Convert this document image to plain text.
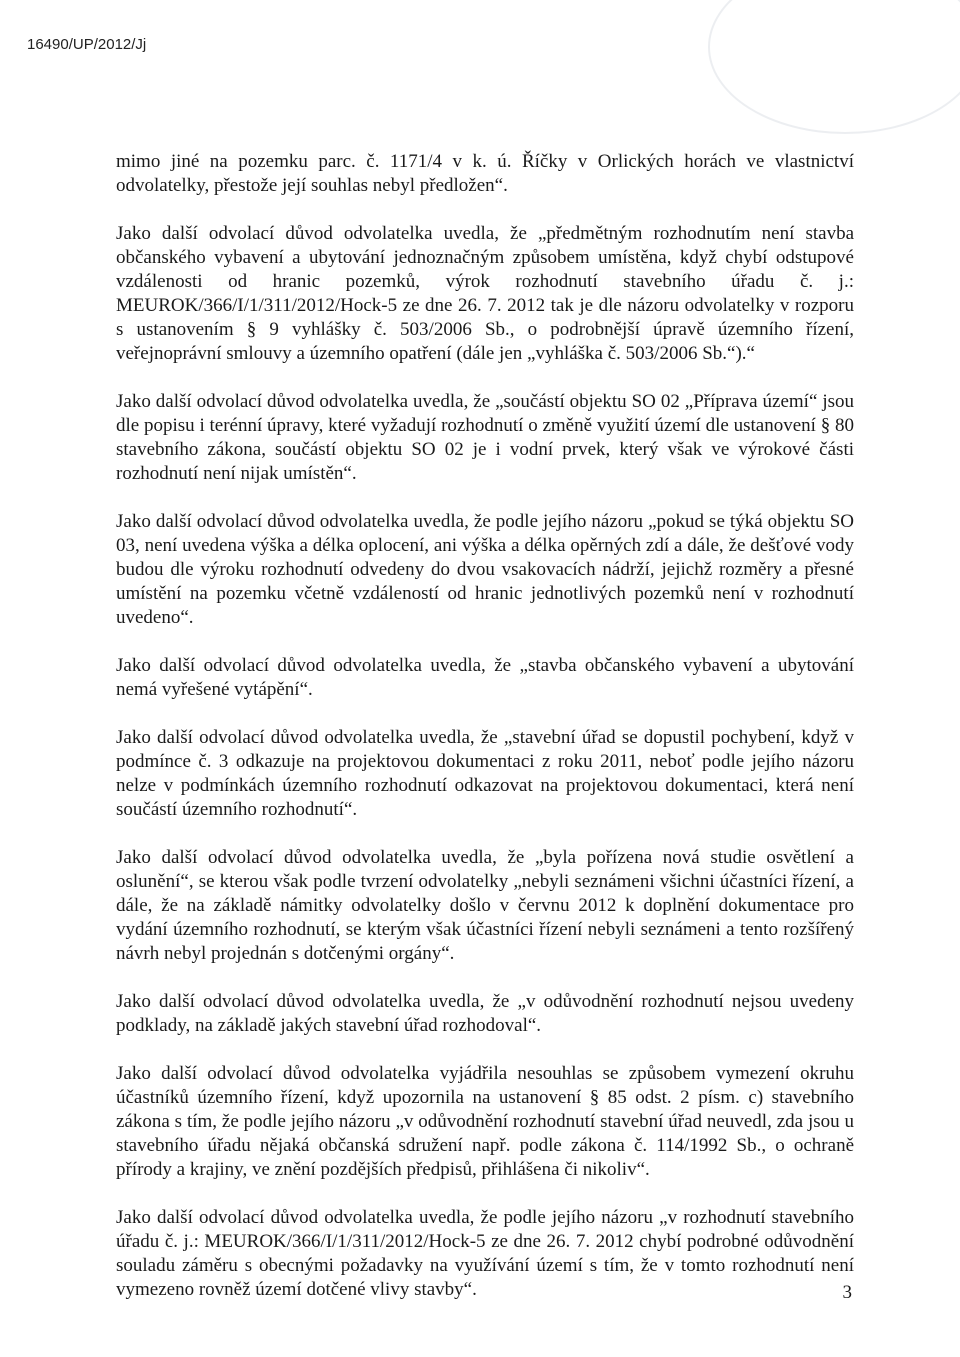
16490/UP/2012/Jj

mimo jiné na pozemku parc. č. 1171/4 v k. ú. Říčky v Orlických horách ve vlastnictví odvolatelky, přestože její souhlas nebyl předložen“.

Jako další odvolací důvod odvolatelka uvedla, že „předmětným rozhodnutím není stavba občanského vybavení a ubytování jednoznačným způsobem umístěna, když chybí odstupové vzdálenosti od hranic pozemků, výrok rozhodnutí stavebního úřadu č. j.: MEUROK/366/I/1/311/2012/Hock-5 ze dne 26. 7. 2012 tak je dle názoru odvolatelky v rozporu s ustanovením § 9 vyhlášky č. 503/2006 Sb., o podrobnější úpravě územního řízení, veřejnoprávní smlouvy a územního opatření (dále jen „vyhláška č. 503/2006 Sb.“).“

Jako další odvolací důvod odvolatelka uvedla, že „součástí objektu SO 02 „Příprava území“ jsou dle popisu i terénní úpravy, které vyžadují rozhodnutí o změně využití území dle ustanovení § 80 stavebního zákona, součástí objektu SO 02 je i vodní prvek, který však ve výrokové části rozhodnutí není nijak umístěn“.

Jako další odvolací důvod odvolatelka uvedla, že podle jejího názoru „pokud se týká objektu SO 03, není uvedena výška a délka oplocení, ani výška a délka opěrných zdí a dále, že dešťové vody budou dle výroku rozhodnutí odvedeny do dvou vsakovacích nádrží, jejichž rozměry a přesné umístění na pozemku včetně vzdáleností od hranic jednotlivých pozemků není v rozhodnutí uvedeno“.

Jako další odvolací důvod odvolatelka uvedla, že „stavba občanského vybavení a ubytování nemá vyřešené vytápění“.

Jako další odvolací důvod odvolatelka uvedla, že „stavební úřad se dopustil pochybení, když v podmínce č. 3 odkazuje na projektovou dokumentaci z roku 2011, neboť podle jejího názoru nelze v podmínkách územního rozhodnutí odkazovat na projektovou dokumentaci, která není součástí územního rozhodnutí“.

Jako další odvolací důvod odvolatelka uvedla, že „byla pořízena nová studie osvětlení a oslunění“, se kterou však podle tvrzení odvolatelky „nebyli seznámeni všichni účastníci řízení, a dále, že na základě námitky odvolatelky došlo v červnu 2012 k doplnění dokumentace pro vydání územního rozhodnutí, se kterým však účastníci řízení nebyli seznámeni a tento rozšířený návrh nebyl projednán s dotčenými orgány“.

Jako další odvolací důvod odvolatelka uvedla, že „v odůvodnění rozhodnutí nejsou uvedeny podklady, na základě jakých stavební úřad rozhodoval“.

Jako další odvolací důvod odvolatelka vyjádřila nesouhlas se způsobem vymezení okruhu účastníků územního řízení, když upozornila na ustanovení § 85 odst. 2 písm. c) stavebního zákona s tím, že podle jejího názoru „v odůvodnění rozhodnutí stavební úřad neuvedl, zda jsou u stavebního úřadu nějaká občanská sdružení např. podle zákona č. 114/1992 Sb., o ochraně přírody a krajiny, ve znění pozdějších předpisů, přihlášena či nikoliv“.

Jako další odvolací důvod odvolatelka uvedla, že podle jejího názoru „v rozhodnutí stavebního úřadu č. j.: MEUROK/366/I/1/311/2012/Hock-5 ze dne 26. 7. 2012 chybí podrobné odůvodnění souladu záměru s obecnými požadavky na využívání území s tím, že v tomto rozhodnutí není vymezeno rovněž území dotčené vlivy stavby“.	3
